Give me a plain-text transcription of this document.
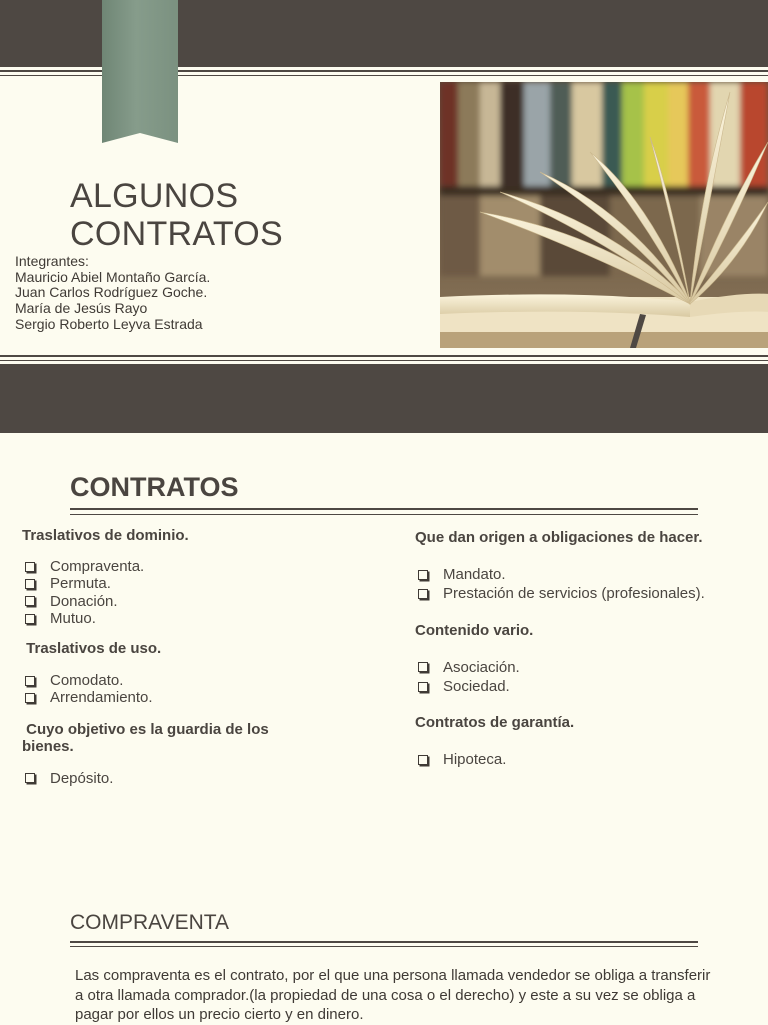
ALGUNOS
CONTRATOS
Integrantes:
Mauricio Abiel Montaño García.
Juan Carlos Rodríguez Goche.
María de Jesús Rayo
Sergio Roberto Leyva Estrada
CONTRATOS
Traslativos de dominio.
Compraventa.
Permuta.
Donación.
Mutuo.
Traslativos de uso.
Comodato.
Arrendamiento.
Cuyo objetivo es la guardia de los bienes.
Depósito.
Que dan origen a obligaciones de hacer.
Mandato.
Prestación de servicios (profesionales).
Contenido vario.
Asociación.
Sociedad.
Contratos de garantía.
Hipoteca.
COMPRAVENTA
Las compraventa es el contrato, por el que una persona llamada vendedor se obliga a transferir a otra llamada comprador.(la propiedad de una cosa o el derecho) y este a su vez se obliga a pagar por ellos un precio cierto y en dinero.
